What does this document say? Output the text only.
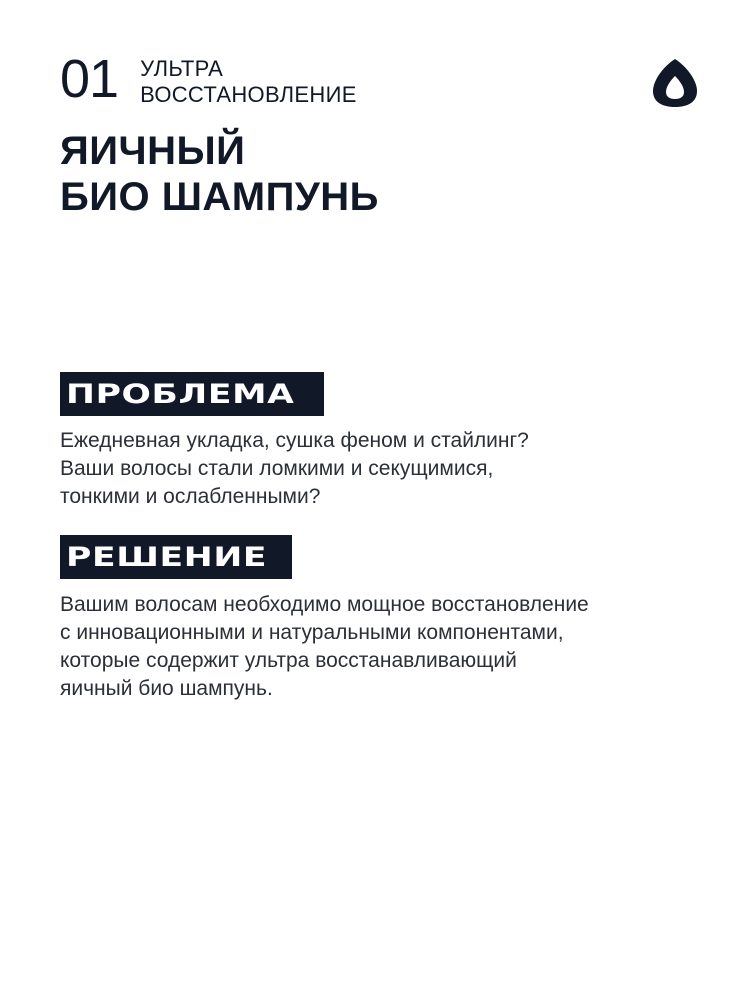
01 УЛЬТРА
ВОССТАНОВЛЕНИЕ
ЯИЧНЫЙ
БИО ШАМПУНЬ
ПРОБЛЕМА
Ежедневная укладка, сушка феном и стайлинг?
Ваши волосы стали ломкими и секущимися,
тонкими и ослабленными?
РЕШЕНИЕ
Вашим волосам необходимо мощное восстановление
с инновационными и натуральными компонентами,
которые содержит ультра восстанавливающий
яичный био шампунь.
